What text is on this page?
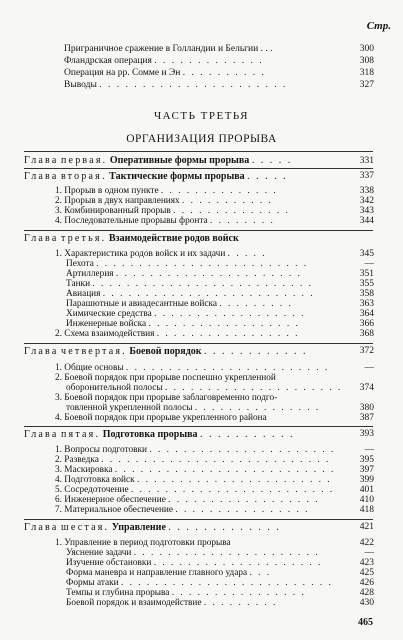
Стр.
Приграничное сражение в Голландии и Бельгии . . .	300
Фландрская операция . . . . . . . . . . . . .	308
Операция на рр. Сомме и Эн . . . . . . . . . .	318
Выводы . . . . . . . . . . . . . . . . . . . . . .	327
ЧАСТЬ ТРЕТЬЯ
ОРГАНИЗАЦИЯ ПРОРЫВА
Глава первая. Оперативные формы прорыва . . . . .	331
Глава вторая. Тактические формы прорыва . . . . .	337
1. Прорыв в одном пункте . . . . . . . . . . . . . .	338
2. Прорыв в двух направлениях . . . . . . . . . . .	342
3. Комбинированный прорыв . . . . . . . . . . . . . .	343
4. Последовательные прорывы фронта . . . . . . . .	344
Глава третья. Взаимодействие родов войск
1. Характеристика родов войск и их задачи . . . . .	345
Пехота . . . . . . . . . . . . . . . . . . . . . . . . .	—
Артиллерия . . . . . . . . . . . . . . . . . . . . . .	351
Танки . . . . . . . . . . . . . . . . . . . . . . . . . .	355
Авиация . . . . . . . . . . . . . . . . . . . . . . . . .	358
Парашютные и авиадесантные войска . . . . . . . . .	363
Химические средства . . . . . . . . . . . . . . . . . .	364
Инженерные войска . . . . . . . . . . . . . . . . . .	366
2. Схема взаимодействия . . . . . . . . . . . . . . . . .	368
Глава четвертая. Боевой порядок . . . . . . . . . . . .	372
1. Общие основы . . . . . . . . . . . . . . . . . . . . . . . .	—
2. Боевой порядок при прорыве поспешно укрепленной
оборонительной полосы . . . . . . . . . . . . . . . . . . . . .	374
3. Боевой порядок при прорыве заблаговременно подго-
товленной укрепленной полосы . . . . . . . . . . . . . . .	380
4. Боевой порядок при прорыве укрепленного района	387
Глава пятая. Подготовка прорыва . . . . . . . . . . .	393
1. Вопросы подготовки . . . . . . . . . . . . . . . . . . . . . .	—
2. Разведка . . . . . . . . . . . . . . . . . . . . . . . . . . .	395
3. Маскировка . . . . . . . . . . . . . . . . . . . . . . . . . .	397
4. Подготовка войск . . . . . . . . . . . . . . . . . . . . . . .	399
5. Сосредоточение . . . . . . . . . . . . . . . . . . . . . . . .	401
6. Инженерное обеспечение . . . . . . . . . . . . . . . . . .	410
7. Материальное обеспечение . . . . . . . . . . . . . . . .	418
Глава шестая. Управление . . . . . . . . . . . . .	421
1. Управление в период подготовки прорыва	422
Уяснение задачи . . . . . . . . . . . . . . . . . . . . . .	—
Изучение обстановки . . . . . . . . . . . . . . . . . . . .	423
Форма маневра и направление главного удара . . .	425
Формы атаки . . . . . . . . . . . . . . . . . . . . . . . . .	426
Темпы и глубина прорыва . . . . . . . . . . . . . . . .	428
Боевой порядок и взаимодействие . . . . . . . . .	430
465
